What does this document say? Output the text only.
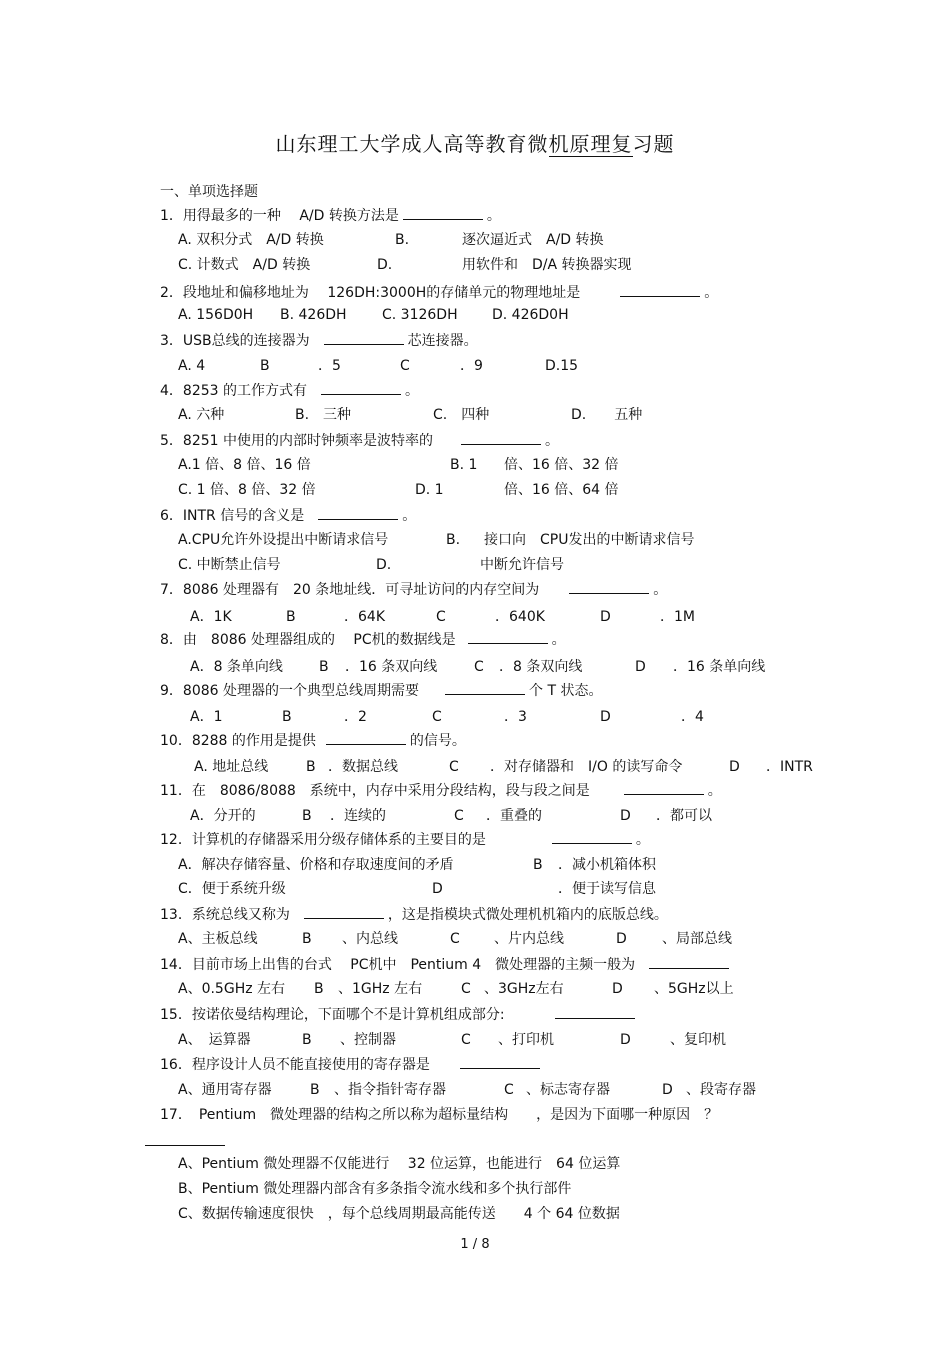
山东理工大学成人高等教育微机原理复习题
一、单项选择题
1．用得最多的一种　 A/D 转换方法是	。
A. 双积分式　A/D 转换	B.	逐次逼近式　A/D 转换
C. 计数式　A/D 转换	D.	用软件和　D/A 转换器实现
2．段地址和偏移地址为　 126DH:3000H的存储单元的物理地址是	。
A. 156D0H B. 426DH	C. 3126DH D. 426D0H
3．USB总线的连接器为	芯连接器。
A. 4	B	．5	C	．9	D.15
4．8253 的工作方式有	。
A. 六种	B.　三种	C.　四种	D.　　五种
5．8251 中使用的内部时钟频率是波特率的	。
A.1 倍、8 倍、16 倍	B. 1 倍、16 倍、32 倍
C. 1 倍、8 倍、32 倍	D. 1	倍、16 倍、64 倍
6．INTR 信号的含义是	。
A.CPU允许外设提出中断请求信号	B. 接口向　CPU发出的中断请求信号
C. 中断禁止信号	D.	中断允许信号
7．8086 处理器有　20 条地址线．可寻址访问的内存空间为	。
A．1K	B	．64K	C	．640K	D	．1M
8．由　8086 处理器组成的　 PC机的数据线是	。
A．8 条单向线	B ．16 条双向线	C ．8 条双向线	D ．16 条单向线
9．8086 处理器的一个典型总线周期需要	个 T 状态。
A．1	B	．2	C	．3	D	．4
10．8288 的作用是提供	的信号。
A. 地址总线	B ．数据总线	C ．对存储器和　I/O 的读写命令	D ．INTR
11．在　8086/8088　系统中，内存中采用分段结构，段与段之间是	。
A．分开的	B ．连续的	C ．重叠的	D ．都可以
12．计算机的存储器采用分级存储体系的主要目的是	。
A．解决存储容量、价格和存取速度间的矛盾	B ．减小机箱体积
C．便于系统升级	D	．便于读写信息
13．系统总线又称为	，这是指模块式微处理机机箱内的底版总线。
A、主板总线	B 、内总线	C 、片内总线	D	、局部总线
14．目前市场上出售的台式　 PC机中　Pentium 4　微处理器的主频一般为
A、0.5GHz 左右 B 、1GHz 左右	C 、3GHz左右	D 、5GHz以上
15．按诺依曼结构理论，下面哪个不是计算机组成部分:
A、　运算器	B 、控制器	C 、打印机	D	、复印机
16．程序设计人员不能直接使用的寄存器是
A、通用寄存器	B 、指令指针寄存器	C 、标志寄存器	D 、段寄存器
17．　Pentium　微处理器的结构之所以称为超标量结构　　，是因为下面哪一种原因　？
A、Pentium 微处理器不仅能进行　 32 位运算，也能进行　64 位运算
B、Pentium 微处理器内部含有多条指令流水线和多个执行部件
C、数据传输速度很快　，每个总线周期最高能传送　　4 个 64 位数据
1 / 8
